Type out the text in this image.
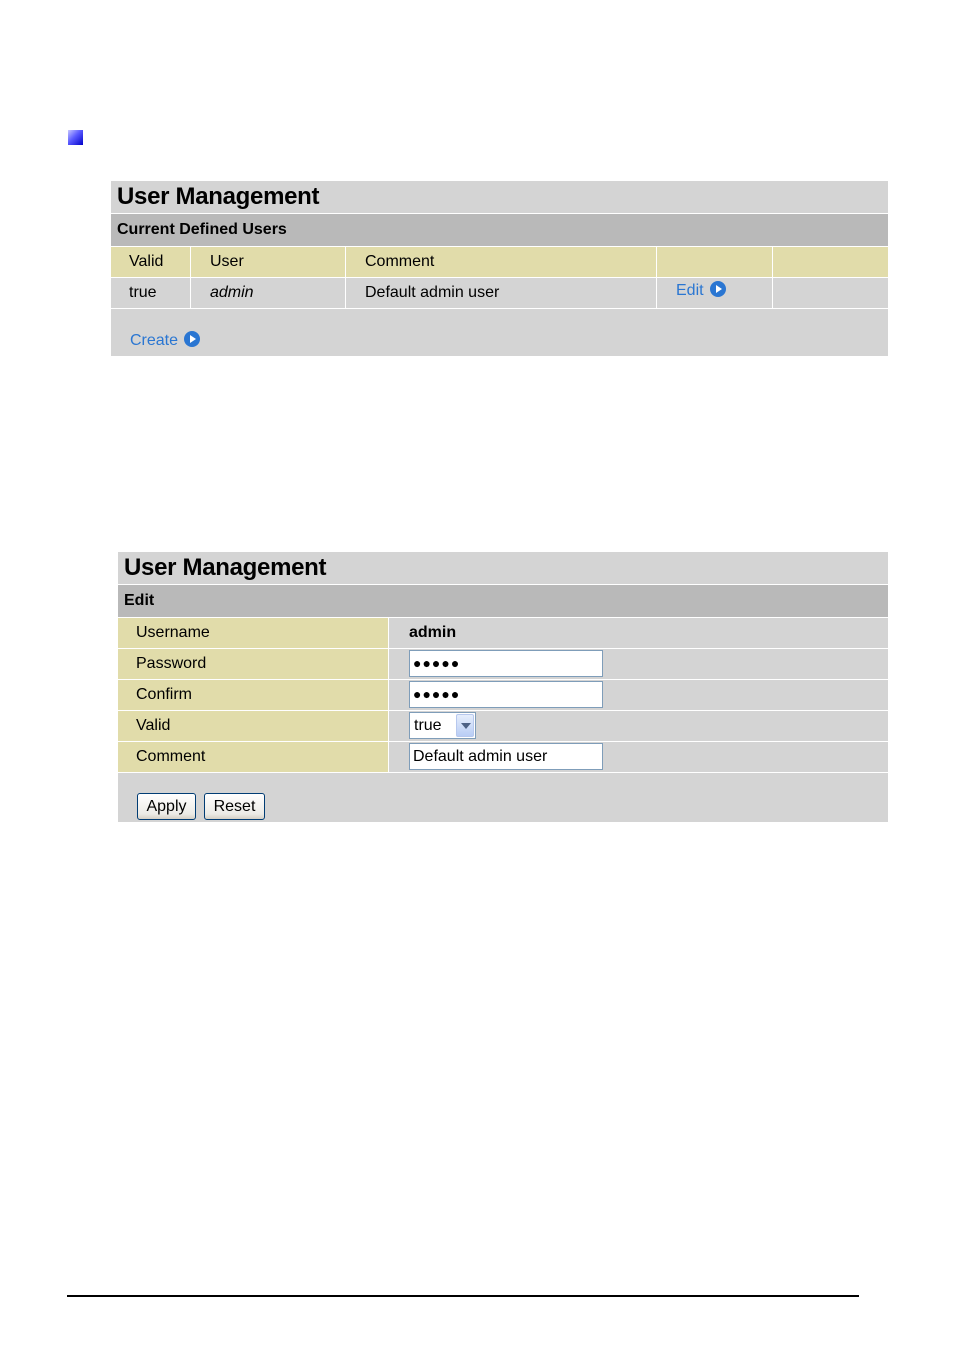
User Management
Current Defined Users
Valid	User	Comment
true	admin	Default admin user	Edit
Create
User Management
Edit
Username	admin
Password	●●●●●
Confirm	●●●●●
Valid	true
Comment	Default admin user
Apply	Reset
